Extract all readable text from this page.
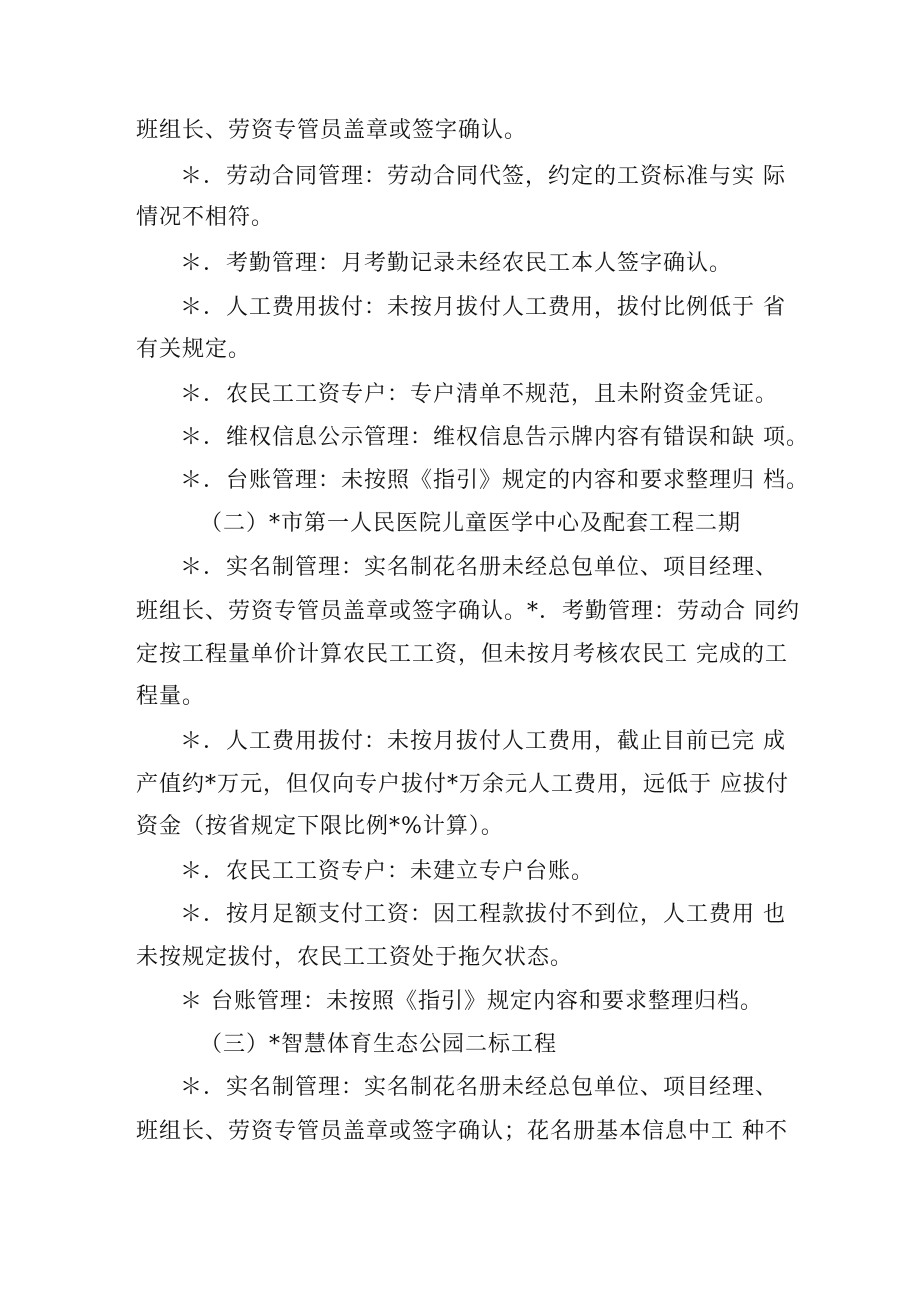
班组长、劳资专管员盖章或签字确认。
＊．劳动合同管理：劳动合同代签，约定的工资标准与实 际
情况不相符。
＊．考勤管理：月考勤记录未经农民工本人签字确认。
＊．人工费用拔付：未按月拔付人工费用，拔付比例低于 省
有关规定。
＊．农民工工资专户：专户清单不规范，且未附资金凭证。
＊．维权信息公示管理：维权信息告示牌内容有错误和缺 项。
＊．台账管理：未按照《指引》规定的内容和要求整理归 档。
（二）*市第一人民医院儿童医学中心及配套工程二期
＊．实名制管理：实名制花名册未经总包单位、项目经理、
班组长、劳资专管员盖章或签字确认。*．考勤管理：劳动合 同约
定按工程量单价计算农民工工资，但未按月考核农民工 完成的工
程量。
＊．人工费用拔付：未按月拔付人工费用，截止目前已完 成
产值约*万元，但仅向专户拔付*万余元人工费用，远低于 应拔付
资金（按省规定下限比例*%计算）。
＊．农民工工资专户：未建立专户台账。
＊．按月足额支付工资：因工程款拔付不到位，人工费用 也
未按规定拔付，农民工工资处于拖欠状态。
＊ 台账管理：未按照《指引》规定内容和要求整理归档。
（三）*智慧体育生态公园二标工程
＊．实名制管理：实名制花名册未经总包单位、项目经理、
班组长、劳资专管员盖章或签字确认；花名册基本信息中工 种不
